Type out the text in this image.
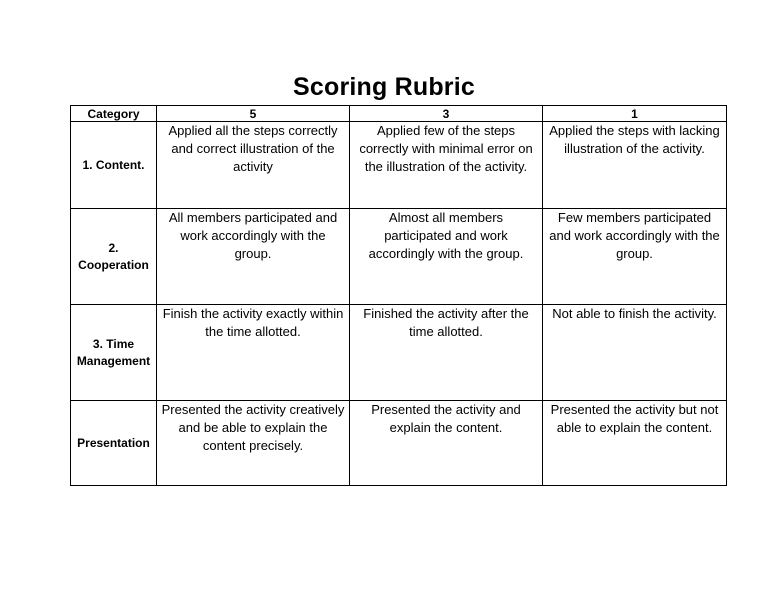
Scoring Rubric
Category	5	3	1
1. Content.	Applied all the steps correctly and correct illustration of the activity	Applied few of the steps correctly with minimal error on the illustration of the activity.	Applied the steps with lacking illustration of the activity.
2. Cooperation	All members participated and work accordingly with the group.	Almost all members participated and work accordingly with the group.	Few members participated and work accordingly with the group.
3. Time Management	Finish the activity exactly within the time allotted.	Finished the activity after the time allotted.	Not able to finish the activity.
Presentation	Presented the activity creatively and be able to explain the content precisely.	Presented the activity and explain the content.	Presented the activity but not able to explain the content.
